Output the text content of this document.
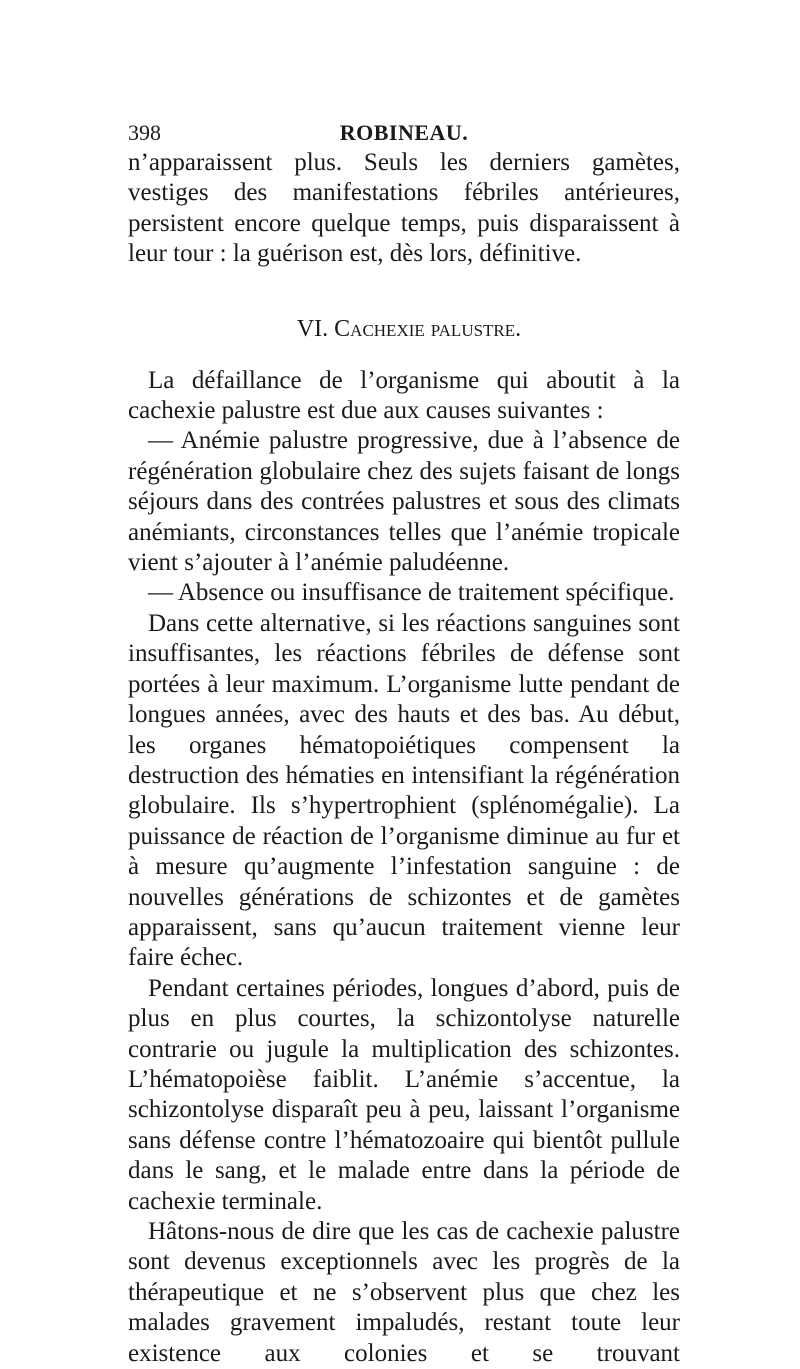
398	ROBINEAU.

n’apparaissent plus. Seuls les derniers gamètes, vestiges des manifestations fébriles antérieures, persistent encore quelque temps, puis disparaissent à leur tour : la guérison est, dès lors, définitive.

VI. Cachexie palustre.

La défaillance de l’organisme qui aboutit à la cachexie palustre est due aux causes suivantes :

— Anémie palustre progressive, due à l’absence de régénération globulaire chez des sujets faisant de longs séjours dans des contrées palustres et sous des climats anémiants, circonstances telles que l’anémie tropicale vient s’ajouter à l’anémie paludéenne.

— Absence ou insuffisance de traitement spécifique.

Dans cette alternative, si les réactions sanguines sont insuffisantes, les réactions fébriles de défense sont portées à leur maximum. L’organisme lutte pendant de longues années, avec des hauts et des bas. Au début, les organes hématopoiétiques compensent la destruction des hématies en intensifiant la régénération globulaire. Ils s’hypertrophient (splénomégalie). La puissance de réaction de l’organisme diminue au fur et à mesure qu’augmente l’infestation sanguine : de nouvelles générations de schizontes et de gamètes apparaissent, sans qu’aucun traitement vienne leur faire échec.

Pendant certaines périodes, longues d’abord, puis de plus en plus courtes, la schizontolyse naturelle contrarie ou jugule la multiplication des schizontes. L’hématopoièse faiblit. L’anémie s’accentue, la schizontolyse disparaît peu à peu, laissant l’organisme sans défense contre l’hématozoaire qui bientôt pullule dans le sang, et le malade entre dans la période de cachexie terminale.

Hâtons-nous de dire que les cas de cachexie palustre sont devenus exceptionnels avec les progrès de la thérapeutique et ne s’observent plus que chez les malades gravement impaludés, restant toute leur existence aux colonies et se trouvant
